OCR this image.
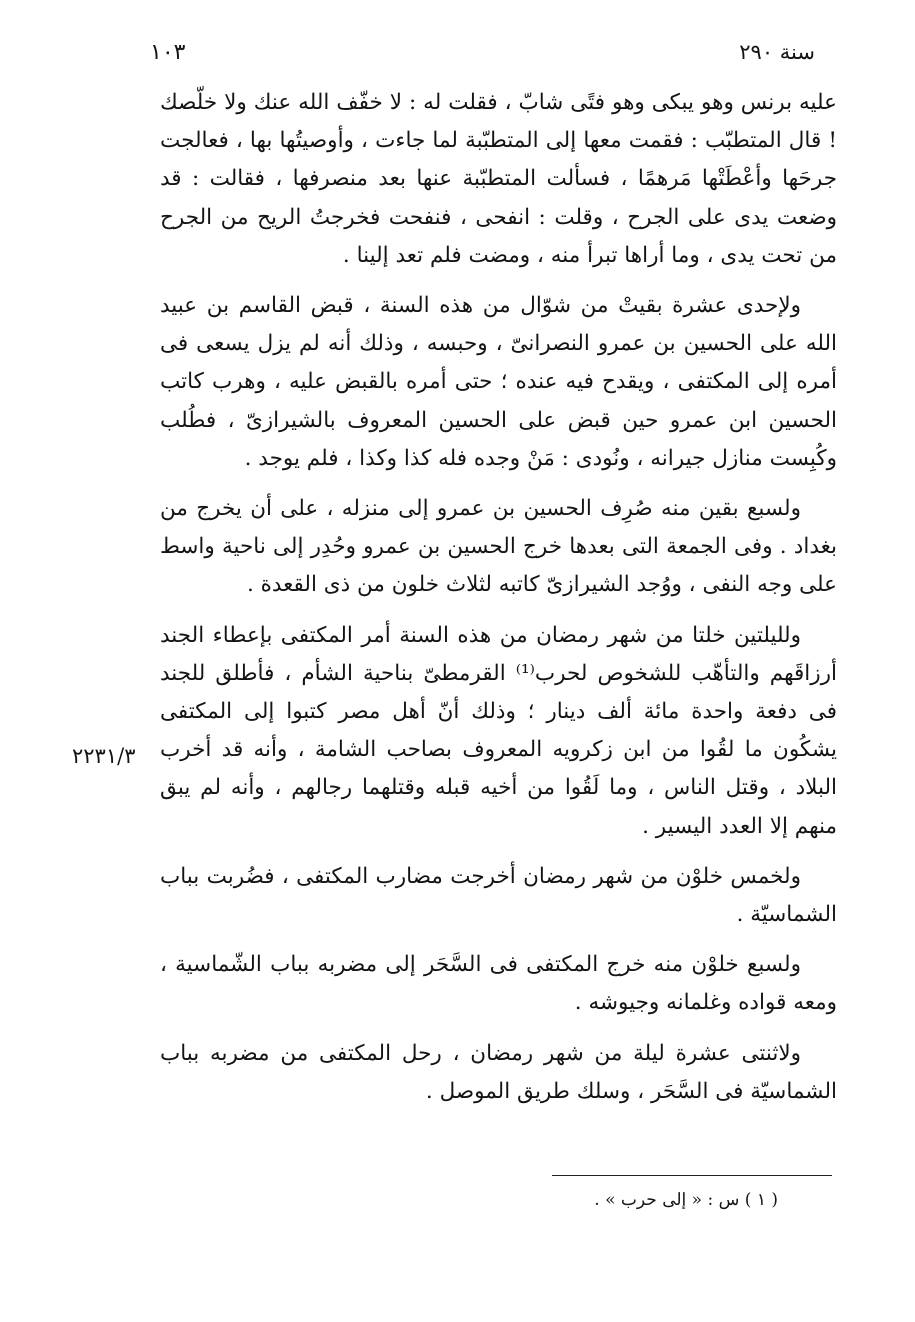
سنة ٢٩٠
١٠٣

عليه برنس وهو يبكى وهو فتًى شابّ ، فقلت له : لا خفّف الله عنك ولا خلّصك ! قال المتطبّب : فقمت معها إلى المتطبّبة لما جاءت ، وأوصيتُها بها ، فعالجت جرحَها وأعْطَتْها مَرهمًا ، فسألت المتطبّبة عنها بعد منصرفها ، فقالت : قد وضعت يدى على الجرح ، وقلت : انفحى ، فنفحت فخرجتُ الريح من الجرح من تحت يدى ، وما أراها تبرأ منه ، ومضت فلم تعد إلينا .

ولإحدى عشرة بقيتْ من شوّال من هذه السنة ، قبض القاسم بن عبيد الله على الحسين بن عمرو النصرانىّ ، وحبسه ، وذلك أنه لم يزل يسعى فى أمره إلى المكتفى ، ويقدح فيه عنده ؛ حتى أمره بالقبض عليه ، وهرب كاتب الحسين ابن عمرو حين قبض على الحسين المعروف بالشيرازىّ ، فطُلب وكُبِست منازل جيرانه ، ونُودى : مَنْ وجده فله كذا وكذا ، فلم يوجد .

ولسبع بقين منه صُرِف الحسين بن عمرو إلى منزله ، على أن يخرج من بغداد . وفى الجمعة التى بعدها خرج الحسين بن عمرو وحُدِر إلى ناحية واسط على وجه النفى ، ووُجد الشيرازىّ كاتبه لثلاث خلون من ذى القعدة .

ولليلتين خلتا من شهر رمضان من هذه السنة أمر المكتفى بإعطاء الجند أرزاقَهم والتأهّب للشخوص لحرب⁽¹⁾ القرمطىّ بناحية الشأم ، فأطلق للجند فى دفعة واحدة مائة ألف دينار ؛ وذلك أنّ أهل مصر كتبوا إلى المكتفى يشكُون ما لقُوا من ابن زكرويه المعروف بصاحب الشامة ، وأنه قد أخرب البلاد ، وقتل الناس ، وما لَقُوا من أخيه قبله وقتلهما رجالهم ، وأنه لم يبق منهم إلا العدد اليسير .

ولخمس خلوْن من شهر رمضان أخرجت مضارب المكتفى ، فضُربت بباب الشماسيّة .

ولسبع خلوْن منه خرج المكتفى فى السَّحَر إلى مضربه بباب الشّماسية ، ومعه قواده وغلمانه وجيوشه .

ولاثنتى عشرة ليلة من شهر رمضان ، رحل المكتفى من مضربه بباب الشماسيّة فى السَّحَر ، وسلك طريق الموصل .

٢٢٣١/٣
( ١ ) س : « إلى حرب » .
